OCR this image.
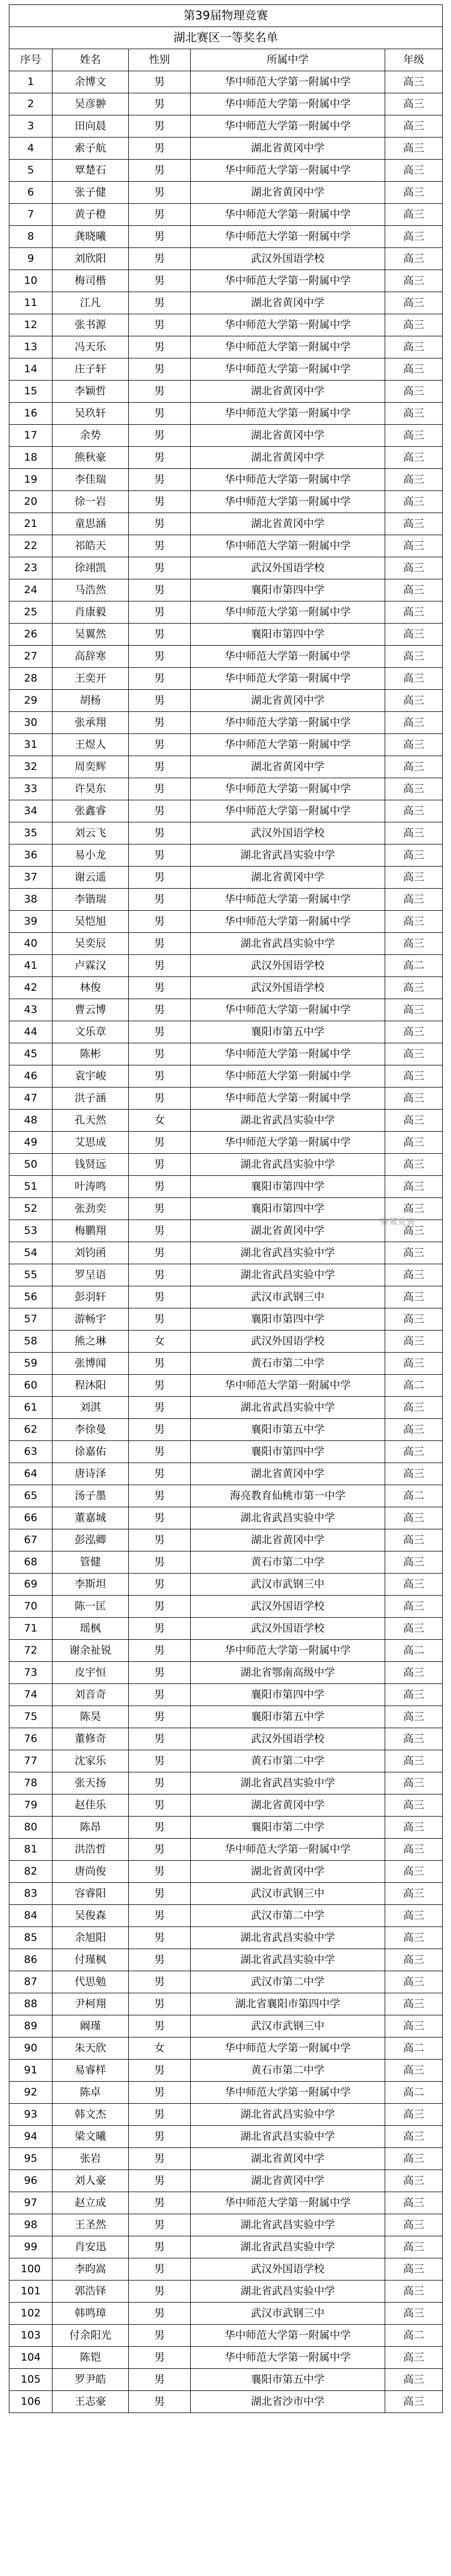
第39届物理竞赛				
湖北赛区一等奖名单				
序号	姓名	性别	所属中学	年级
1	余博文	男	华中师范大学第一附属中学	高三
2	吴彦翀	男	华中师范大学第一附属中学	高三
3	田向晨	男	华中师范大学第一附属中学	高三
4	索子航	男	湖北省黄冈中学	高三
5	覃楚石	男	华中师范大学第一附属中学	高三
6	张子健	男	湖北省黄冈中学	高三
7	黄子橙	男	华中师范大学第一附属中学	高三
8	龚晓曦	男	华中师范大学第一附属中学	高三
9	刘欣阳	男	武汉外国语学校	高三
10	梅司楷	男	华中师范大学第一附属中学	高三
11	江凡	男	湖北省黄冈中学	高三
12	张书源	男	华中师范大学第一附属中学	高三
13	冯天乐	男	华中师范大学第一附属中学	高三
14	庄子轩	男	华中师范大学第一附属中学	高三
15	李颖哲	男	湖北省黄冈中学	高三
16	吴玖轩	男	华中师范大学第一附属中学	高三
17	余势	男	湖北省黄冈中学	高三
18	熊秋豪	男	湖北省黄冈中学	高三
19	李佳瑞	男	华中师范大学第一附属中学	高三
20	徐一岩	男	华中师范大学第一附属中学	高三
21	童思涵	男	湖北省黄冈中学	高三
22	祁皓天	男	华中师范大学第一附属中学	高三
23	徐翊凯	男	武汉外国语学校	高三
24	马浩然	男	襄阳市第四中学	高三
25	肖康毅	男	华中师范大学第一附属中学	高三
26	吴翼然	男	襄阳市第四中学	高三
27	高辞寒	男	华中师范大学第一附属中学	高三
28	王奕开	男	华中师范大学第一附属中学	高三
29	胡杨	男	湖北省黄冈中学	高三
30	张承翔	男	华中师范大学第一附属中学	高三
31	王煜人	男	华中师范大学第一附属中学	高三
32	周奕辉	男	湖北省黄冈中学	高三
33	许昊东	男	华中师范大学第一附属中学	高三
34	张鑫睿	男	华中师范大学第一附属中学	高三
35	刘云飞	男	武汉外国语学校	高三
36	易小龙	男	湖北省武昌实验中学	高三
37	谢云遥	男	湖北省黄冈中学	高三
38	李锴瑞	男	华中师范大学第一附属中学	高三
39	吴恺旭	男	华中师范大学第一附属中学	高三
40	吴奕辰	男	湖北省武昌实验中学	高三
41	卢霖汉	男	武汉外国语学校	高二
42	林俊	男	武汉外国语学校	高三
43	曹云博	男	华中师范大学第一附属中学	高三
44	文乐章	男	襄阳市第五中学	高三
45	陈彬	男	华中师范大学第一附属中学	高三
46	袁宇峻	男	华中师范大学第一附属中学	高三
47	洪子涵	男	华中师范大学第一附属中学	高三
48	孔天然	女	湖北省武昌实验中学	高三
49	艾思成	男	华中师范大学第一附属中学	高三
50	钱贤远	男	湖北省武昌实验中学	高三
51	叶涛鸣	男	襄阳市第四中学	高三
52	张劲奕	男	襄阳市第四中学	高三
53	梅鹏翔	男	湖北省黄冈中学	高三
54	刘钧函	男	湖北省武昌实验中学	高三
55	罗呈语	男	湖北省武昌实验中学	高三
56	彭羽轩	男	武汉市武钢三中	高三
57	游畅宇	男	襄阳市第四中学	高三
58	熊之琳	女	武汉外国语学校	高三
59	张博闻	男	黄石市第二中学	高三
60	程沐阳	男	华中师范大学第一附属中学	高二
61	刘淇	男	湖北省武昌实验中学	高三
62	李徐曼	男	襄阳市第五中学	高三
63	徐嘉佑	男	襄阳市第四中学	高三
64	唐诗泽	男	湖北省黄冈中学	高三
65	汤子墨	男	海亮教育仙桃市第一中学	高二
66	董嘉城	男	湖北省武昌实验中学	高三
67	彭泓卿	男	湖北省黄冈中学	高三
68	管健	男	黄石市第二中学	高三
69	李斯坦	男	武汉市武钢三中	高三
70	陈一匡	男	武汉外国语学校	高三
71	瑶枫	男	武汉外国语学校	高三
72	谢余祉锐	男	华中师范大学第一附属中学	高二
73	皮宇恒	男	湖北省鄂南高级中学	高三
74	刘音奇	男	襄阳市第四中学	高三
75	陈昊	男	襄阳市第五中学	高三
76	董修奇	男	武汉外国语学校	高三
77	沈家乐	男	黄石市第二中学	高三
78	张天扬	男	湖北省武昌实验中学	高三
79	赵佳乐	男	湖北省黄冈中学	高三
80	陈昂	男	襄阳市第二中学	高三
81	洪浩哲	男	华中师范大学第一附属中学	高三
82	唐尚俊	男	湖北省黄冈中学	高三
83	容睿阳	男	武汉市武钢三中	高三
84	吴俊森	男	武汉市第二中学	高三
85	余旭阳	男	湖北省武昌实验中学	高三
86	付瑾枫	男	湖北省武昌实验中学	高三
87	代思勉	男	武汉市第二中学	高三
88	尹柯翔	男	湖北省襄阳市第四中学	高三
89	阚瑾	男	武汉市武钢三中	高三
90	朱天欣	女	华中师范大学第一附属中学	高二
91	易睿样	男	黄石市第二中学	高三
92	陈卓	男	华中师范大学第一附属中学	高二
93	韩文杰	男	湖北省武昌实验中学	高三
94	梁文曦	男	湖北省武昌实验中学	高三
95	张岩	男	湖北省黄冈中学	高三
96	刘人豪	男	湖北省黄冈中学	高三
97	赵立成	男	华中师范大学第一附属中学	高三
98	王圣然	男	湖北省武昌实验中学	高三
99	肖安迅	男	湖北省武昌实验中学	高三
100	李昀嵩	男	武汉外国语学校	高三
101	郭浩铎	男	湖北省武昌实验中学	高三
102	韩鸣璋	男	武汉市武钢三中	高三
103	付余阳光	男	华中师范大学第一附属中学	高二
104	陈铠	男	华中师范大学第一附属中学	高三
105	罗尹皓	男	襄阳市第五中学	高三
106	王志豪	男	湖北省沙市中学	高三
赛氪竞赛
